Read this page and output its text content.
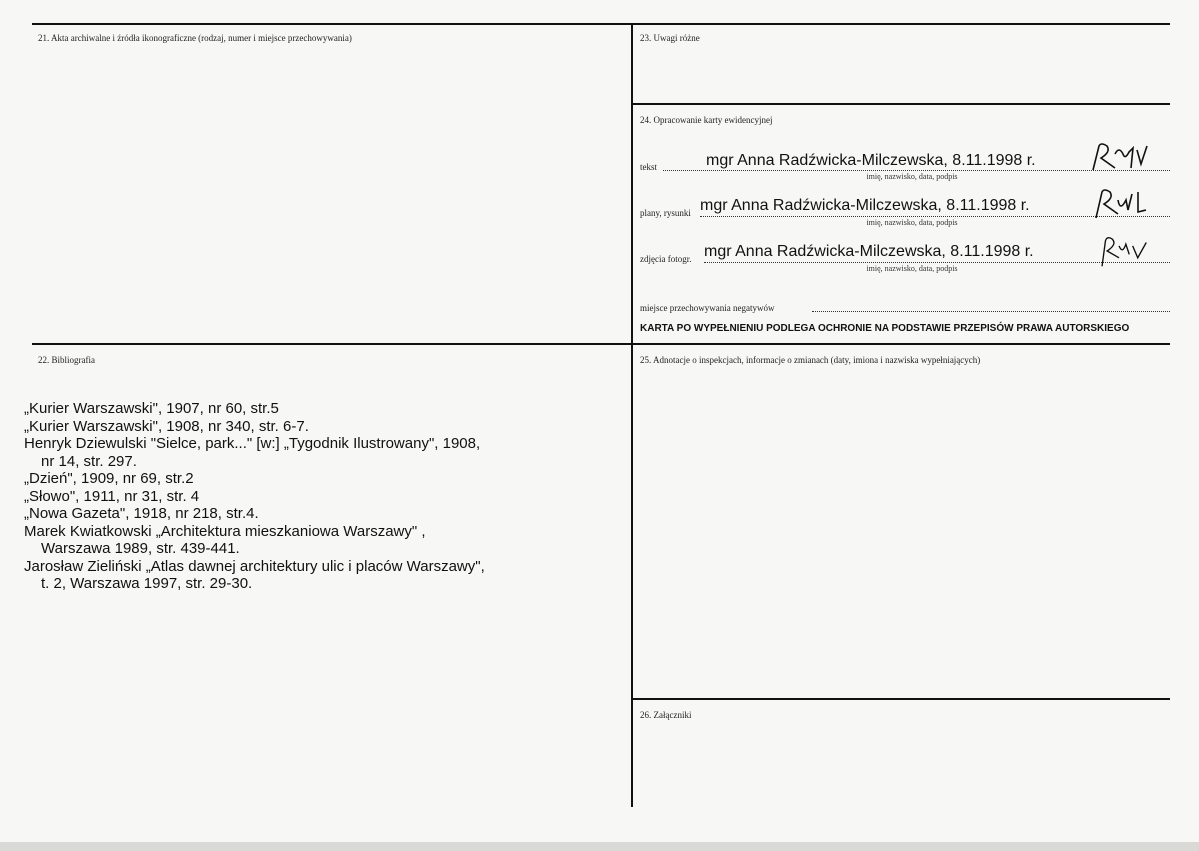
21. Akta archiwalne i źródła ikonograficzne (rodzaj, numer i miejsce przechowywania)	23. Uwagi różne
24. Opracowanie karty ewidencyjnej
22. Bibliografia	25. Adnotacje o inspekcjach, informacje o zmianach (daty, imiona i nazwiska wypełniających)
26. Załączniki
„Kurier Warszawski", 1907, nr 60, str.5
„Kurier Warszawski", 1908, nr 340, str. 6-7.
Henryk Dziewulski "Sielce, park..." [w:] „Tygodnik Ilustrowany", 1908,
nr 14, str. 297.
„Dzień", 1909, nr 69, str.2
„Słowo", 1911, nr 31, str. 4
„Nowa Gazeta", 1918, nr 218, str.4.
Marek Kwiatkowski „Architektura mieszkaniowa Warszawy" ,
Warszawa 1989, str. 439-441.
Jarosław Zieliński „Atlas dawnej architektury ulic i placów Warszawy",
t. 2, Warszawa 1997, str. 29-30.
tekst	mgr Anna Radźwicka-Milczewska, 8.11.1998 r.
imię, nazwisko, data, podpis
plany, rysunki mgr Anna Radźwicka-Milczewska, 8.11.1998 r.
imię, nazwisko, data, podpis
zdjęcia fotogr. mgr Anna Radźwicka-Milczewska, 8.11.1998 r.
imię, nazwisko, data, podpis
miejsce przechowywania negatywów
KARTA PO WYPEŁNIENIU PODLEGA OCHRONIE NA PODSTAWIE PRZEPISÓW PRAWA AUTORSKIEGO
